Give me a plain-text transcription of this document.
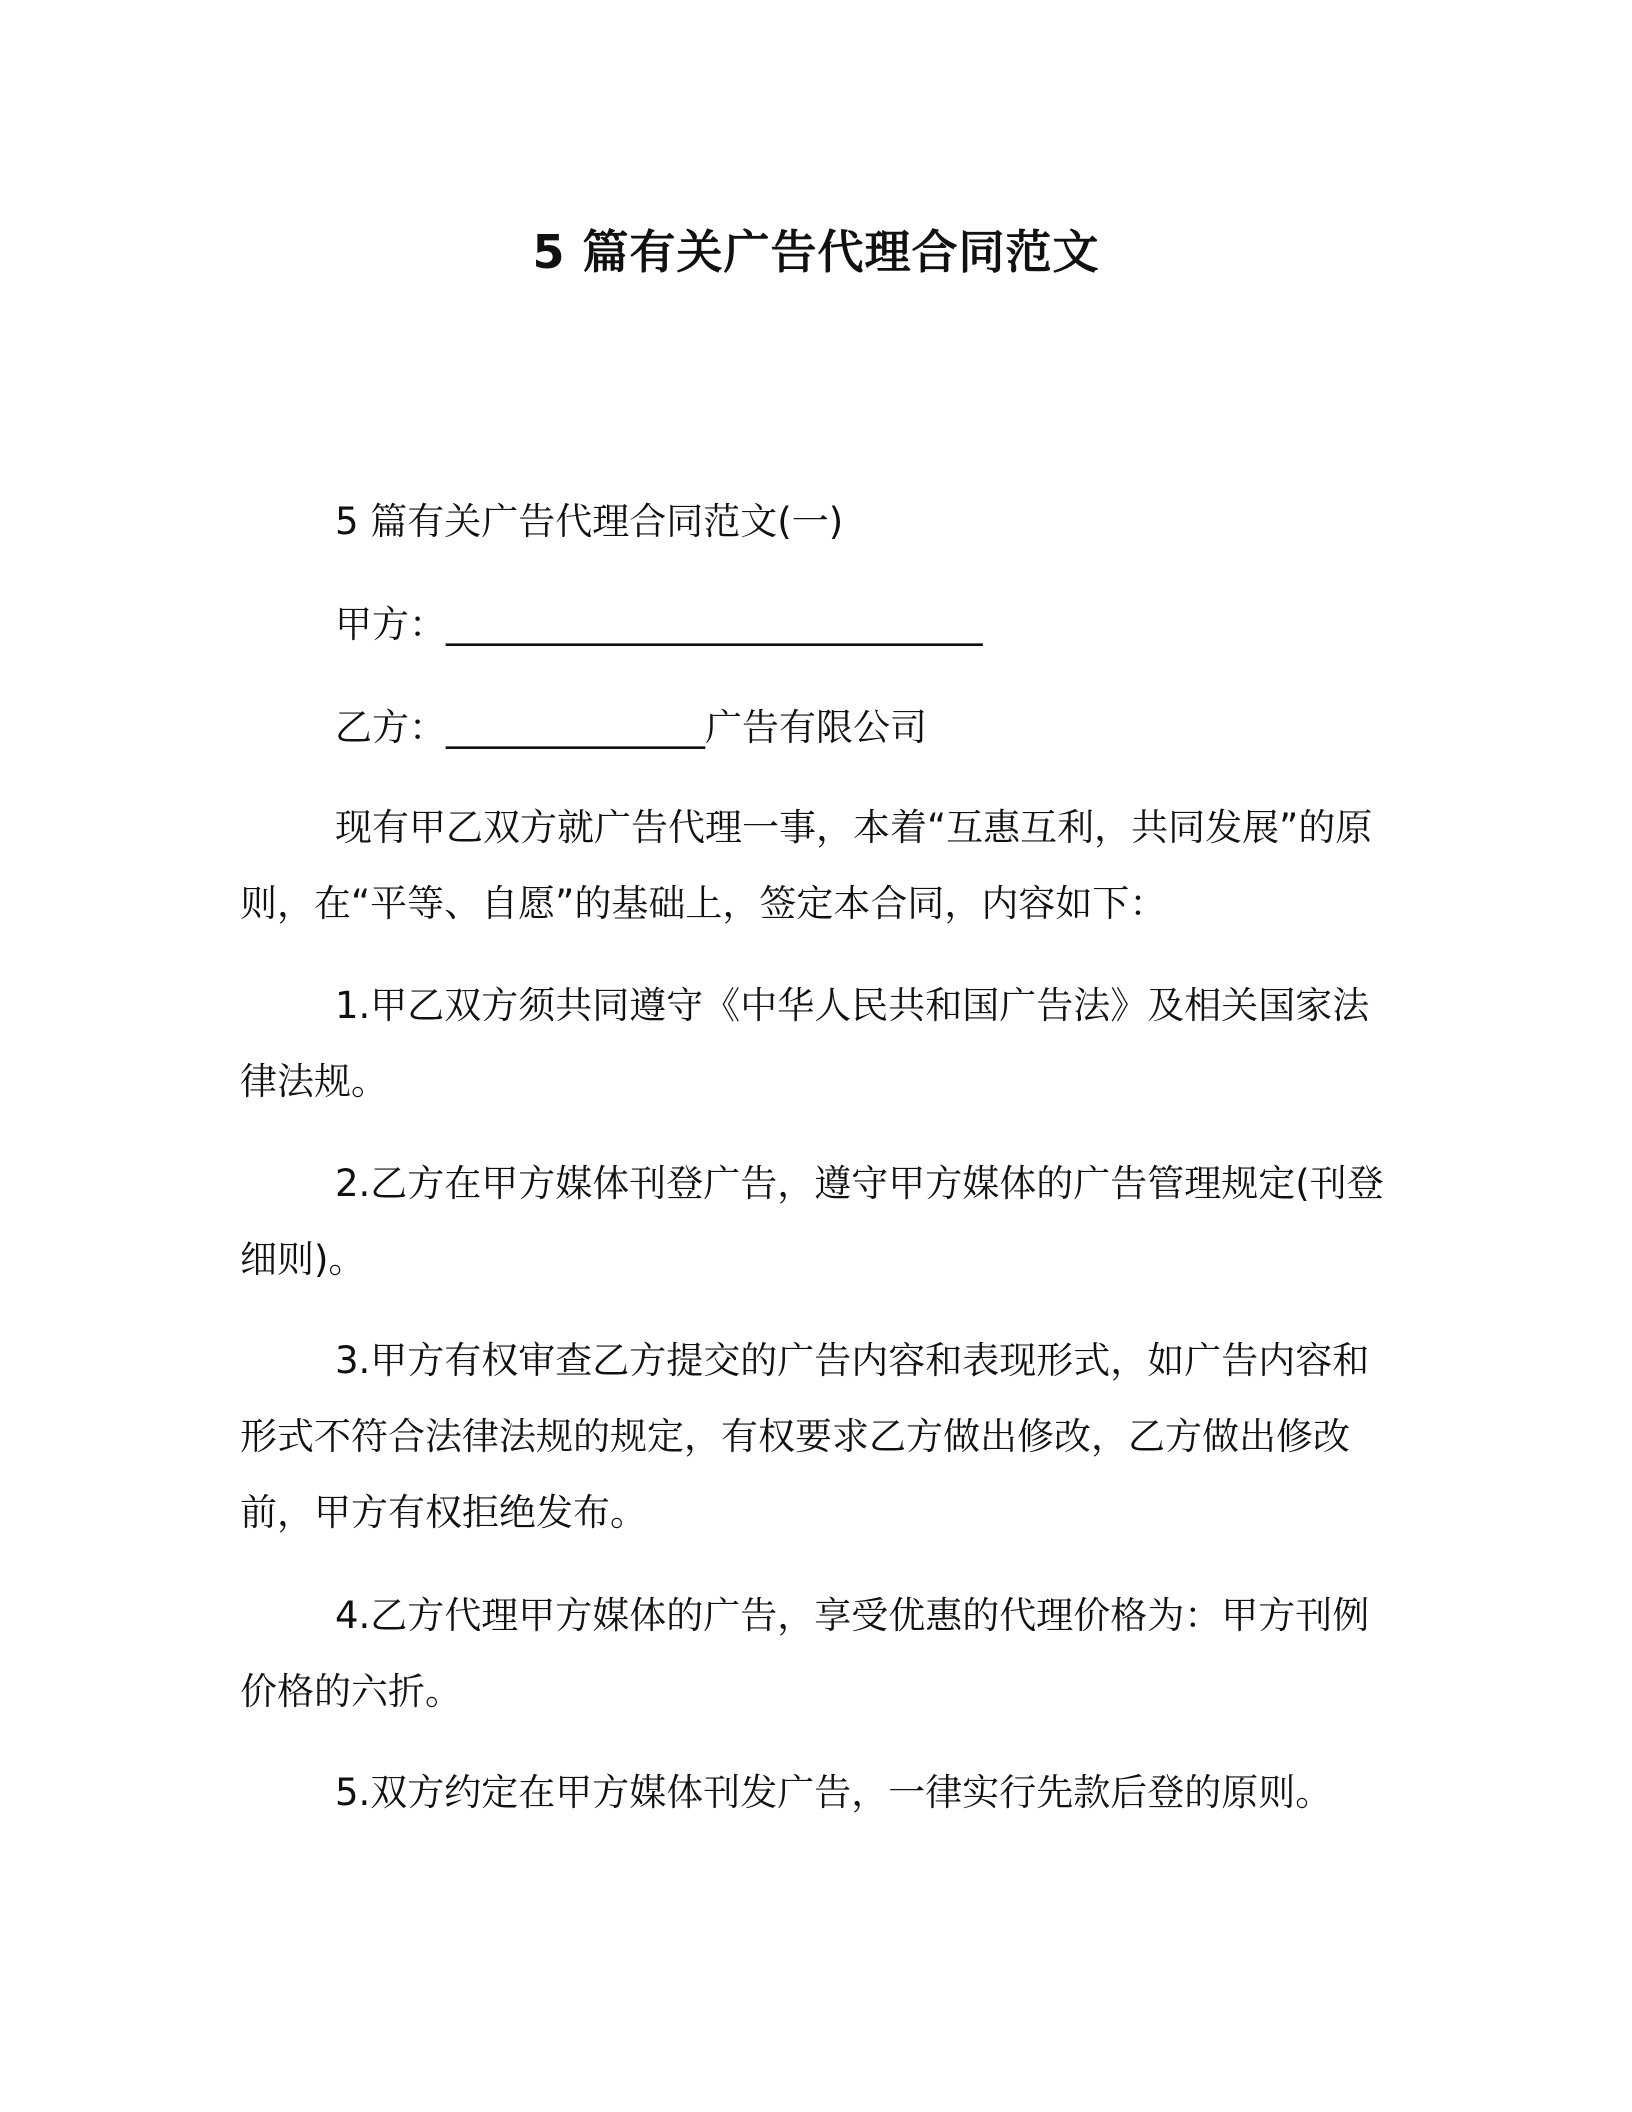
5 篇有关广告代理合同范文
5 篇有关广告代理合同范文(一)
甲方：_____________________________
乙方：______________广告有限公司
现有甲乙双方就广告代理一事，本着“互惠互利，共同发展”的原则，在“平等、自愿”的基础上，签定本合同，内容如下：
1.甲乙双方须共同遵守《中华人民共和国广告法》及相关国家法律法规。
2.乙方在甲方媒体刊登广告，遵守甲方媒体的广告管理规定(刊登细则)。
3.甲方有权审查乙方提交的广告内容和表现形式，如广告内容和形式不符合法律法规的规定，有权要求乙方做出修改，乙方做出修改前，甲方有权拒绝发布。
4.乙方代理甲方媒体的广告，享受优惠的代理价格为：甲方刊例价格的六折。
5.双方约定在甲方媒体刊发广告，一律实行先款后登的原则。
